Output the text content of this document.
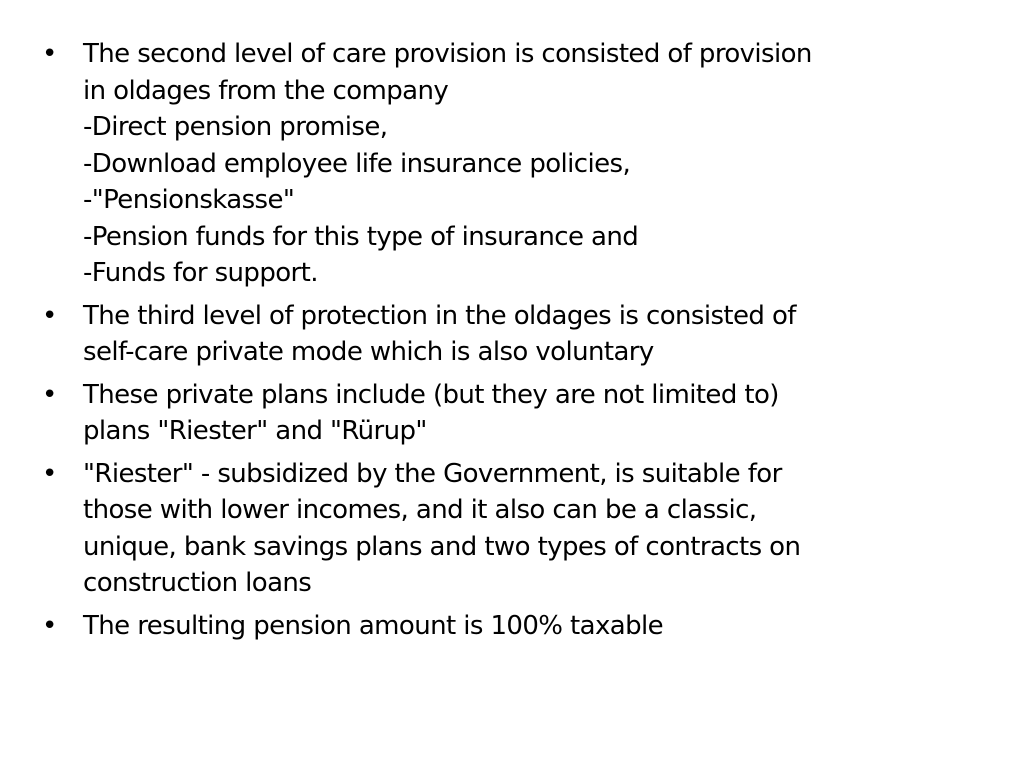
• The second level of care provision is consisted of provision
in oldages from the company
-Direct pension promise,
-Download employee life insurance policies,
-"Pensionskasse"
-Pension funds for this type of insurance and
-Funds for support.
• The third level of protection in the oldages is consisted of
self-care private mode which is also voluntary
• These private plans include (but they are not limited to)
plans "Riester" and "Rürup"
• "Riester" - subsidized by the Government, is suitable for
those with lower incomes, and it also can be a classic,
unique, bank savings plans and two types of contracts on
construction loans
• The resulting pension amount is 100% taxable
